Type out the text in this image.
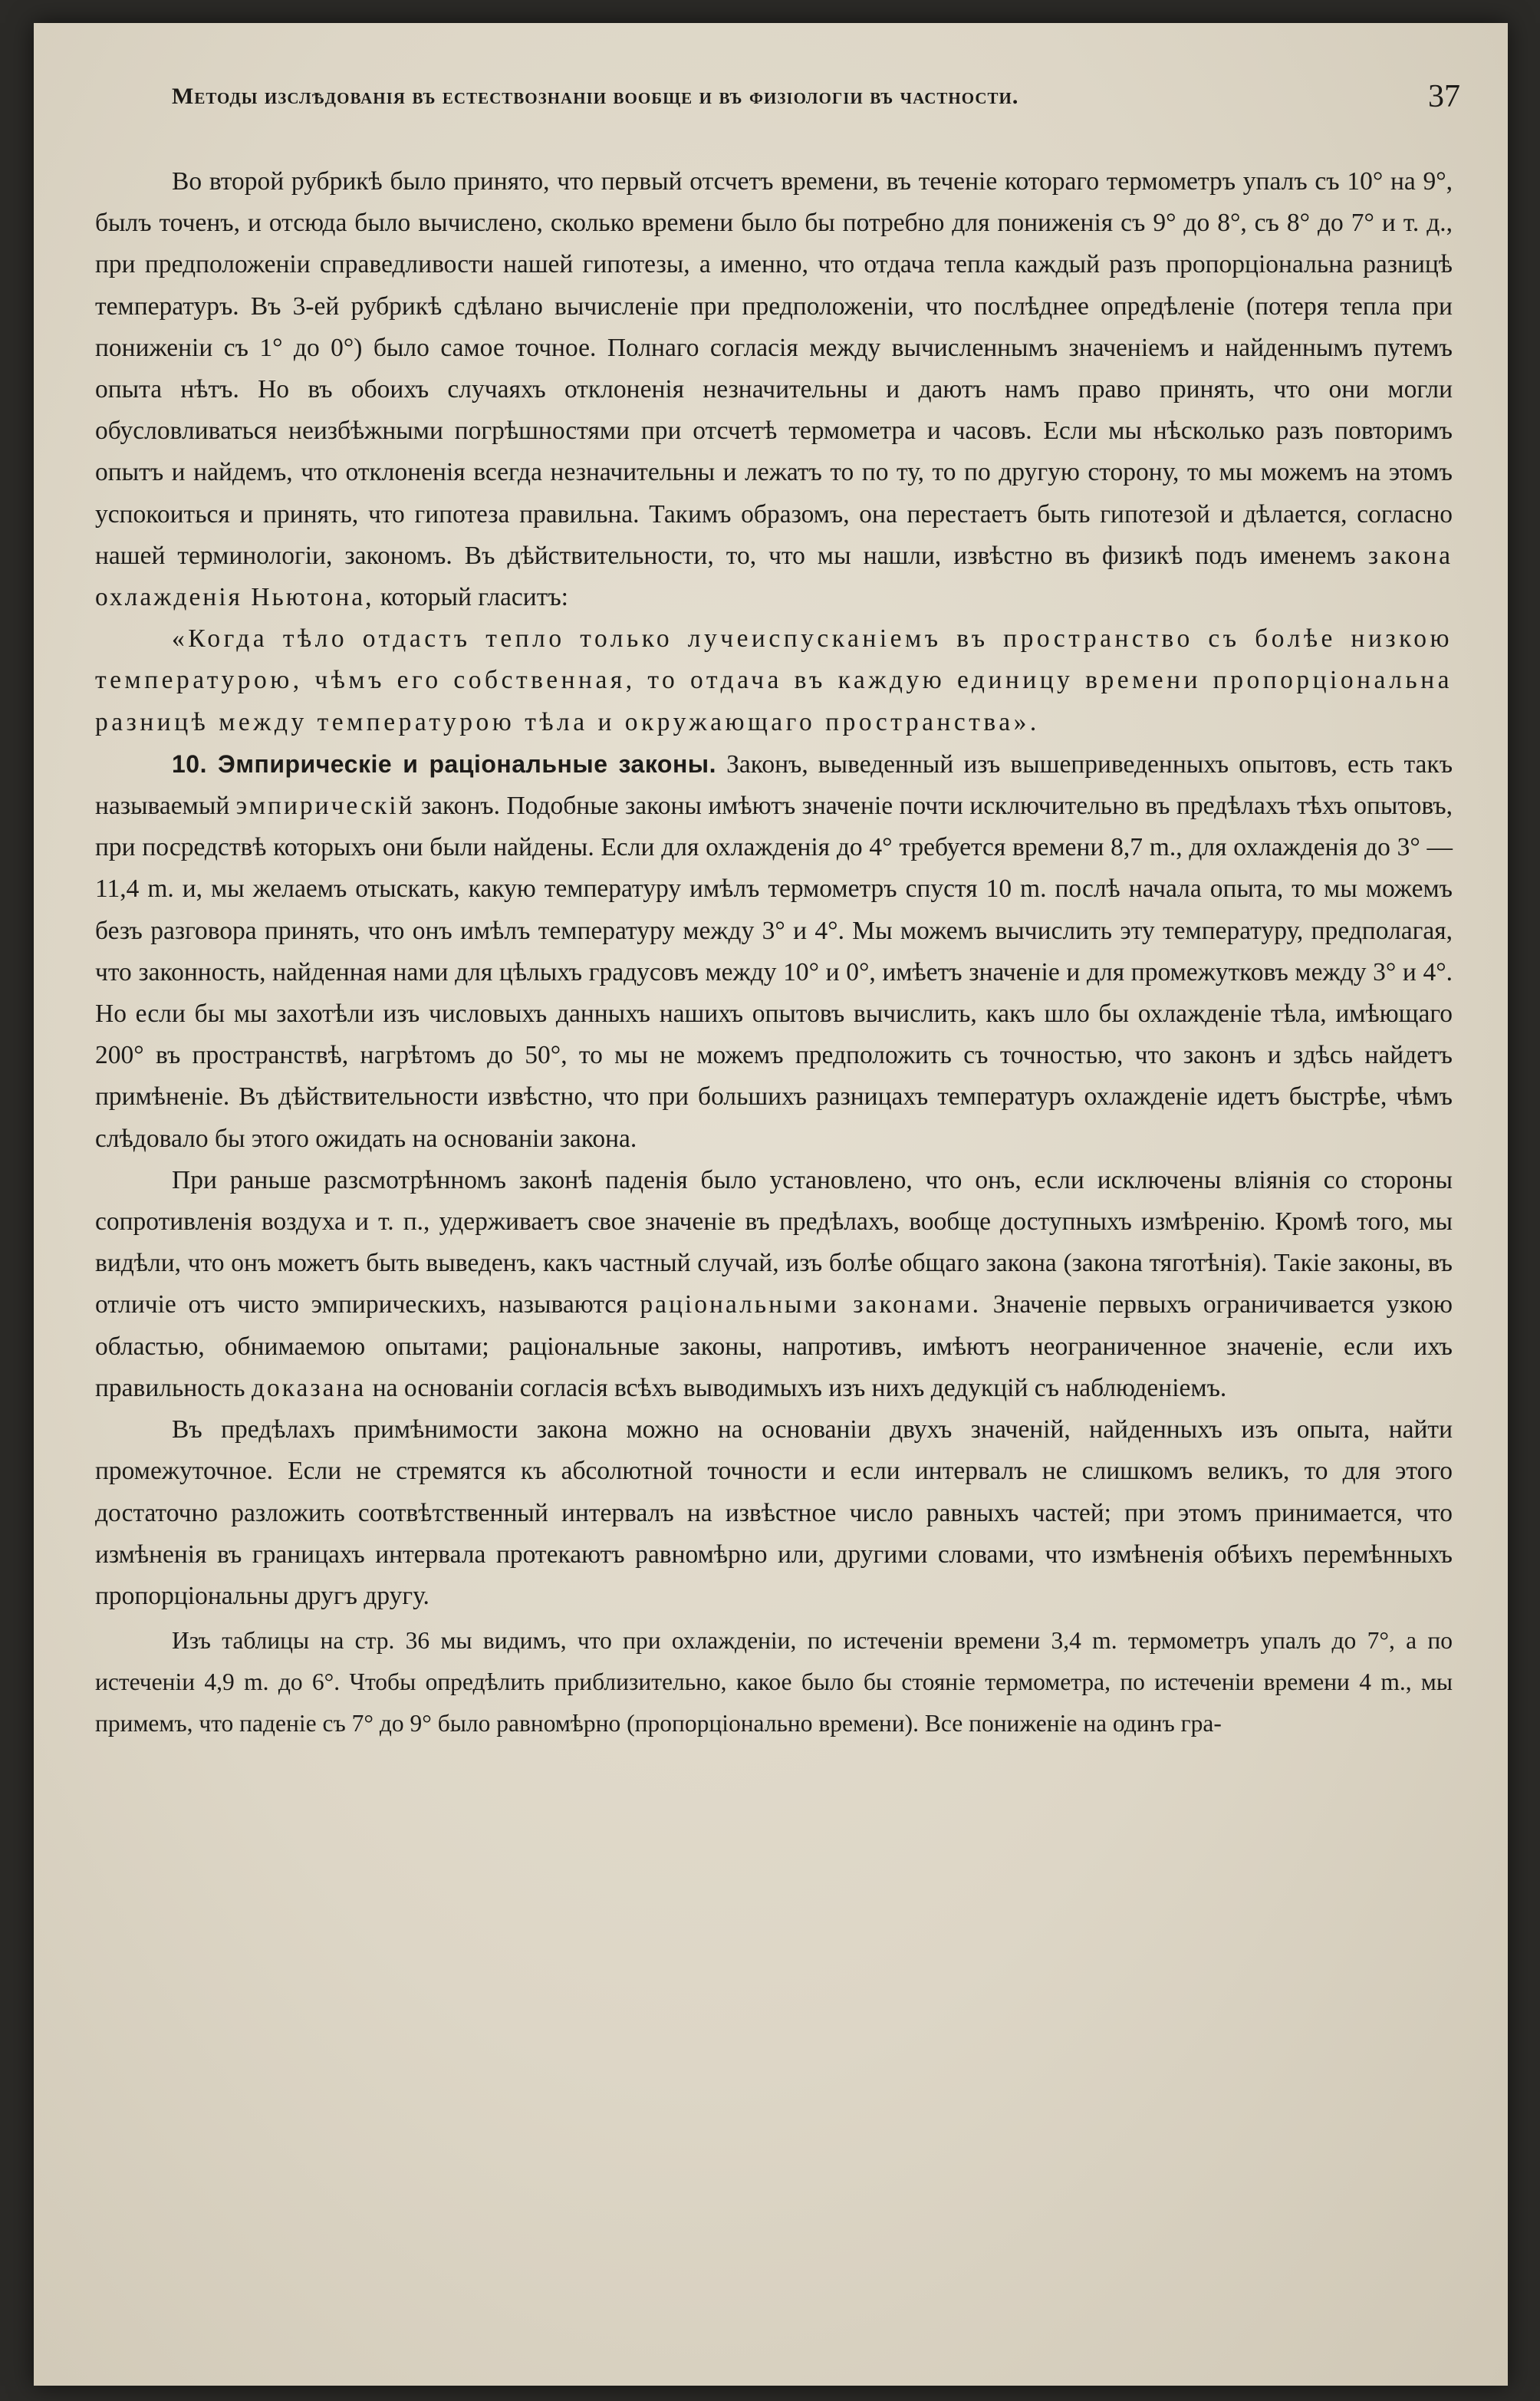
Методы изслѣдованія въ естествознаніи вообще и въ физіологіи въ частности.	37

Во второй рубрикѣ было принято, что первый отсчетъ времени, въ теченіе котораго термометръ упалъ съ 10° на 9°, былъ точенъ, и отсюда было вычислено, сколько времени было бы потребно для пониженія съ 9° до 8°, съ 8° до 7° и т. д., при предположеніи справедливости нашей гипотезы, а именно, что отдача тепла каждый разъ пропорціональна разницѣ температуръ. Въ 3-ей рубрикѣ сдѣлано вычисленіе при предположеніи, что послѣднее опредѣленіе (потеря тепла при пониженіи съ 1° до 0°) было самое точное. Полнаго согласія между вычисленнымъ значеніемъ и найденнымъ путемъ опыта нѣтъ. Но въ обоихъ случаяхъ отклоненія незначительны и даютъ намъ право принять, что они могли обусловливаться неизбѣжными погрѣшностями при отсчетѣ термометра и часовъ. Если мы нѣсколько разъ повторимъ опытъ и найдемъ, что отклоненія всегда незначительны и лежатъ то по ту, то по другую сторону, то мы можемъ на этомъ успокоиться и принять, что гипотеза правильна. Такимъ образомъ, она перестаетъ быть гипотезой и дѣлается, согласно нашей терминологіи, закономъ. Въ дѣйствительности, то, что мы нашли, извѣстно въ физикѣ подъ именемъ закона охлажденія Ньютона, который гласитъ:

«Когда тѣло отдастъ тепло только лучеиспусканіемъ въ пространство съ болѣе низкою температурою, чѣмъ его собственная, то отдача въ каждую единицу времени пропорціональна разницѣ между температурою тѣла и окружающаго пространства».

10. Эмпирическіе и раціональные законы. Законъ, выведенный изъ вышеприведенныхъ опытовъ, есть такъ называемый эмпирическій законъ. Подобные законы имѣютъ значеніе почти исключительно въ предѣлахъ тѣхъ опытовъ, при посредствѣ которыхъ они были найдены. Если для охлажденія до 4° требуется времени 8,7 m., для охлажденія до 3° — 11,4 m. и, мы желаемъ отыскать, какую температуру имѣлъ термометръ спустя 10 m. послѣ начала опыта, то мы можемъ безъ разговора принять, что онъ имѣлъ температуру между 3° и 4°. Мы можемъ вычислить эту температуру, предполагая, что законность, найденная нами для цѣлыхъ градусовъ между 10° и 0°, имѣетъ значеніе и для промежутковъ между 3° и 4°. Но если бы мы захотѣли изъ числовыхъ данныхъ нашихъ опытовъ вычислить, какъ шло бы охлажденіе тѣла, имѣющаго 200° въ пространствѣ, нагрѣтомъ до 50°, то мы не можемъ предположить съ точностью, что законъ и здѣсь найдетъ примѣненіе. Въ дѣйствительности извѣстно, что при большихъ разницахъ температуръ охлажденіе идетъ быстрѣе, чѣмъ слѣдовало бы этого ожидать на основаніи закона.

При раньше разсмотрѣнномъ законѣ паденія было установлено, что онъ, если исключены вліянія со стороны сопротивленія воздуха и т. п., удерживаетъ свое значеніе въ предѣлахъ, вообще доступныхъ измѣренію. Кромѣ того, мы видѣли, что онъ можетъ быть выведенъ, какъ частный случай, изъ болѣе общаго закона (закона тяготѣнія). Такіе законы, въ отличіе отъ чисто эмпирическихъ, называются раціональными законами. Значеніе первыхъ ограничивается узкою областью, обнимаемою опытами; раціональные законы, напротивъ, имѣютъ неограниченное значеніе, если ихъ правильность доказана на основаніи согласія всѣхъ выводимыхъ изъ нихъ дедукцій съ наблюденіемъ.

Въ предѣлахъ примѣнимости закона можно на основаніи двухъ значеній, найденныхъ изъ опыта, найти промежуточное. Если не стремятся къ абсолютной точности и если интервалъ не слишкомъ великъ, то для этого достаточно разложить соотвѣтственный интервалъ на извѣстное число равныхъ частей; при этомъ принимается, что измѣненія въ границахъ интервала протекаютъ равномѣрно или, другими словами, что измѣненія обѣихъ перемѣнныхъ пропорціональны другъ другу.

Изъ таблицы на стр. 36 мы видимъ, что при охлажденіи, по истеченіи времени 3,4 m. термометръ упалъ до 7°, а по истеченіи 4,9 m. до 6°. Чтобы опредѣлить приблизительно, какое было бы стояніе термометра, по истеченіи времени 4 m., мы примемъ, что паденіе съ 7° до 9° было равномѣрно (пропорціонально времени). Все пониженіе на одинъ гра-
